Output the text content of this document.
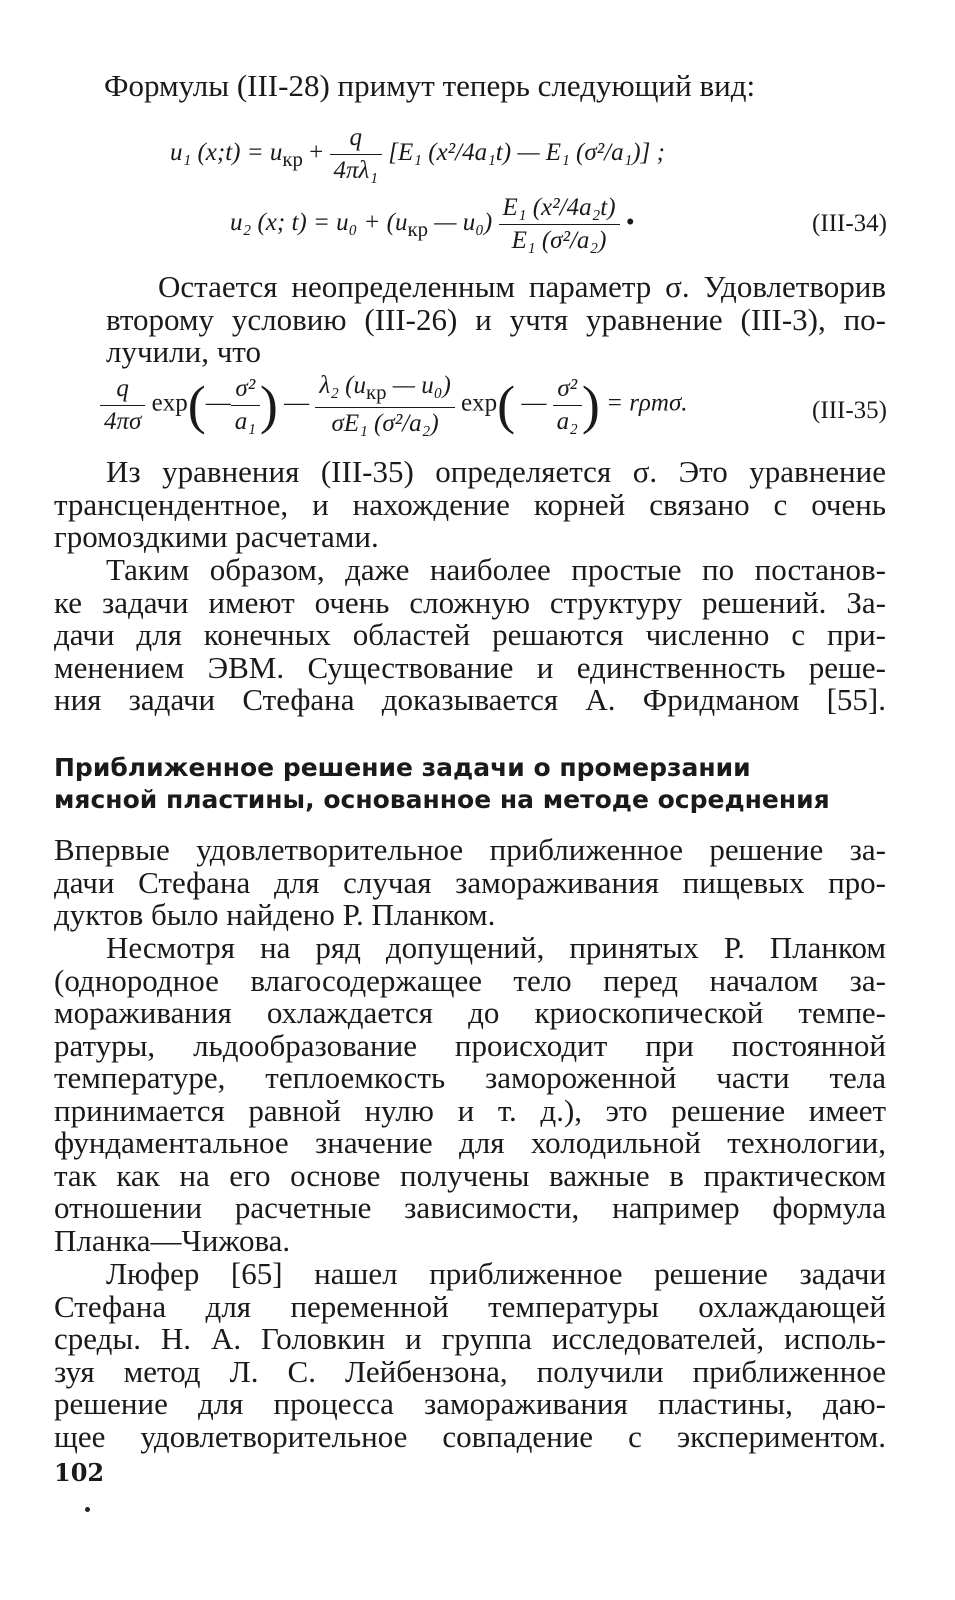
Формулы (III-28) примут теперь следующий вид:

u₁ (x;t) = $u_{кр} + \frac{q}{\text{4πλ₁}} [E_1$ (x²/4a₁t) — E₁ (σ²/a₁)] ;
u₂ (x; $t) = u_0 + (u_{кр}$ — $u_0) \frac{\text{E₁ (x²/4a₂t)}}{\text{E₁ (σ²/a₂)}}$ •	(III-34)

Остается неопределенным параметр σ. Удовлетворив
второму условию (III-26) и учтя уравнение (III-3), по-
лучили, что

$\frac{q}{4\pi\sigma}$ exp(— $\frac{\text{σ²}}{\text{a₁}}$ ) — $\frac{\lambda_2 (u_{кр} — u_0)}{\text{σE₁ (σ²/a₂)}} \exp$( — $\frac{\text{σ²}}{\text{a₂}}$ ) = rρmσ.	(III-35)

Из уравнения (III-35) определяется σ. Это уравнение
трансцендентное, и нахождение корней связано с очень
громоздкими расчетами.

Таким образом, даже наиболее простые по постанов-
ке задачи имеют очень сложную структуру решений. За-
дачи для конечных областей решаются численно с при-
менением ЭВМ. Существование и единственность реше-
ния задачи Стефана доказывается А. Фридманом [55].

Приближенное решение задачи о промерзании
мясной пластины, основанное на методе осреднения

Впервые удовлетворительное приближенное решение за-
дачи Стефана для случая замораживания пищевых про-
дуктов было найдено Р. Планком.

Несмотря на ряд допущений, принятых Р. Планком
(однородное влагосодержащее тело перед началом за-
мораживания охлаждается до криоскопической темпе-
ратуры, льдообразование происходит при постоянной
температуре, теплоемкость замороженной части тела
принимается равной нулю и т. д.), это решение имеет
фундаментальное значение для холодильной технологии,
так как на его основе получены важные в практическом
отношении расчетные зависимости, например формула
Планка—Чижова.

Люфер [65] нашел приближенное решение задачи
Стефана для переменной температуры охлаждающей
среды. Н. А. Головкин и группа исследователей, исполь-
зуя метод Л. С. Лейбензона, получили приближенное
решение для процесса замораживания пластины, даю-
щее удовлетворительное совпадение с экспериментом.

102
